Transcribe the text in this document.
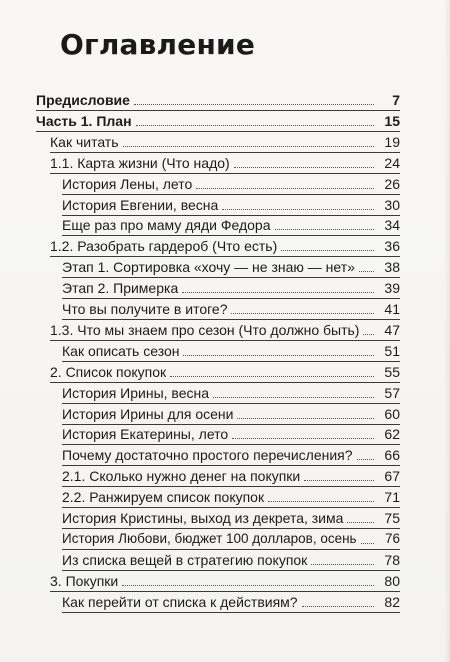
Оглавление
Предисловие	7
Часть 1. План	15
Как читать	19
1.1. Карта жизни (Что надо)	24
История Лены, лето	26
История Евгении, весна	30
Еще раз про маму дяди Федора	34
1.2. Разобрать гардероб (Что есть)	36
Этап 1. Сортировка «хочу — не знаю — нет»	38
Этап 2. Примерка	39
Что вы получите в итоге?	41
1.3. Что мы знаем про сезон (Что должно быть)	47
Как описать сезон	51
2. Список покупок	55
История Ирины, весна	57
История Ирины для осени	60
История Екатерины, лето	62
Почему достаточно простого перечисления?	66
2.1. Сколько нужно денег на покупки	67
2.2. Ранжируем список покупок	71
История Кристины, выход из декрета, зима	75
История Любови, бюджет 100 долларов, осень	76
Из списка вещей в стратегию покупок	78
3. Покупки	80
Как перейти от списка к действиям?	82
